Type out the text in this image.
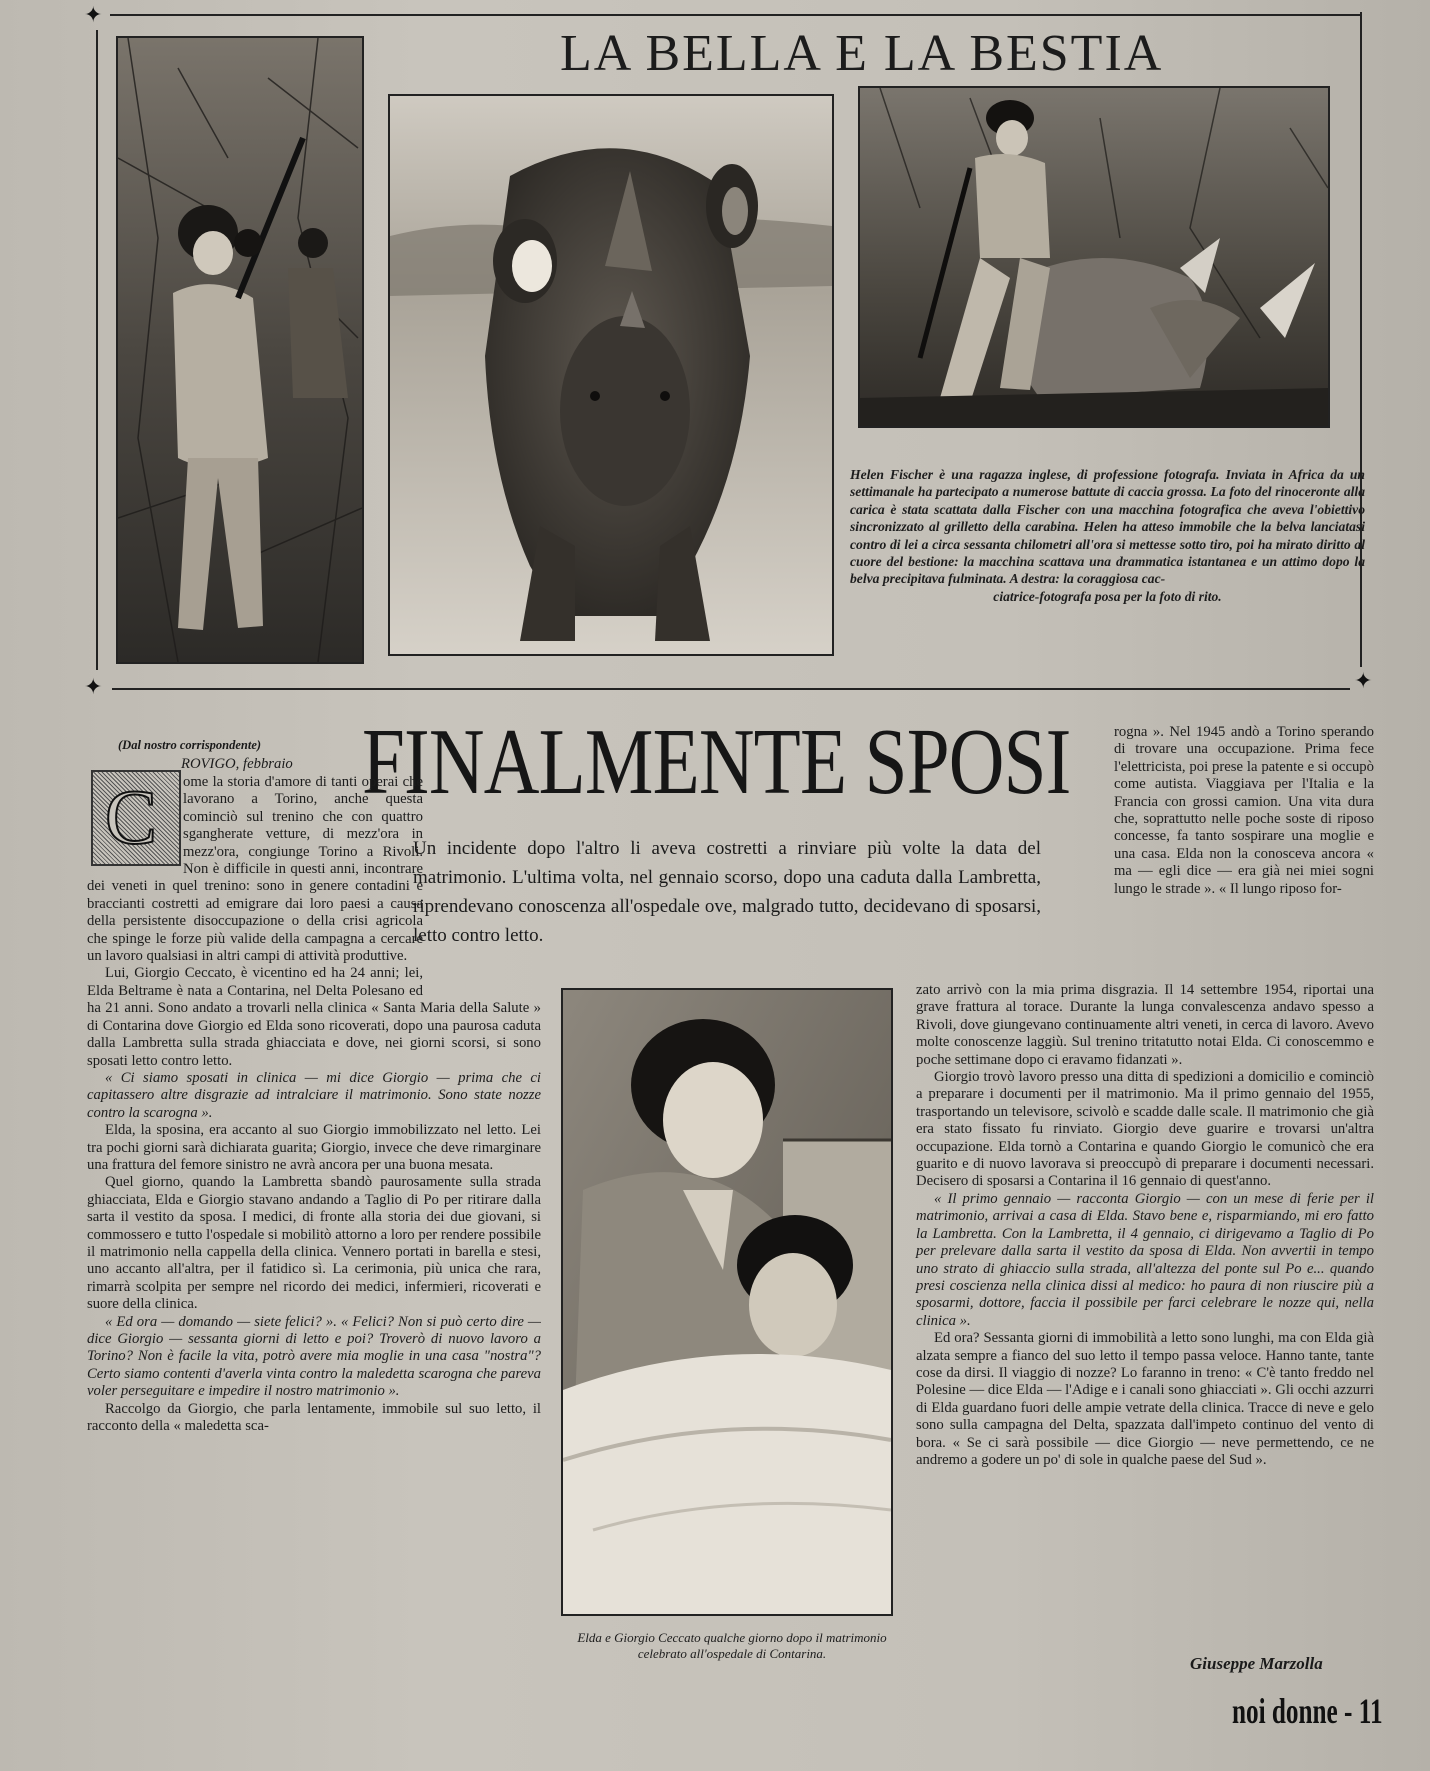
✦
✦	✦
LA BELLA E LA BESTIA
Helen Fischer è una ragazza inglese, di professione fotografa. Inviata in Africa da un settimanale ha partecipato a numerose battute di caccia grossa. La foto del rinoceronte alla carica è stata scattata dalla Fischer con una macchina fotografica che aveva l'obiettivo sincronizzato al grilletto della carabina. Helen ha atteso immobile che la belva lanciatasi contro di lei a circa sessanta chilometri all'ora si mettesse sotto tiro, poi ha mirato diritto al cuore del bestione: la macchina scattava una drammatica istantanea e un attimo dopo la belva precipitava fulminata. A destra: la coraggiosa cac-
ciatrice-fotografa posa per la foto di rito.
(Dal nostro corrispondente)
C
FINALMENTE SPOSI
Un incidente dopo l'altro li aveva costretti a rinviare più volte la data del matrimonio. L'ultima volta, nel gennaio scorso, dopo una caduta dalla Lambretta, riprendevano conoscenza all'ospedale ove, malgrado tutto, decidevano di sposarsi, letto contro letto.

ROVIGO, febbraio

ome la storia d'amore di tanti operai che lavorano a Torino, anche questa cominciò sul trenino che con quattro sgangherate vetture, di mezz'ora in mezz'ora, congiunge Torino a Rivoli. Non è difficile in questi anni, incontrare dei veneti in quel trenino: sono in genere contadini e braccianti costretti ad emigrare dai loro paesi a causa della persistente disoccupazione o della crisi agricola che spinge le forze più valide della campagna a cercare un lavoro qualsiasi in altri campi di attività produttive.

Lui, Giorgio Ceccato, è vicentino ed ha 24 anni; lei, Elda Beltrame è nata a Contarina, nel Delta Polesano ed ha 21 anni. Sono andato a trovarli nella clinica « Santa Maria della Salute » di Contarina dove Giorgio ed Elda sono ricoverati, dopo una paurosa caduta dalla Lambretta sulla strada ghiacciata e dove, nei giorni scorsi, si sono sposati letto contro letto.

« Ci siamo sposati in clinica — mi dice Giorgio — prima che ci capitassero altre disgrazie ad intralciare il matrimonio. Sono state nozze contro la scarogna ».

Elda, la sposina, era accanto al suo Giorgio immobilizzato nel letto. Lei tra pochi giorni sarà dichiarata guarita; Giorgio, invece che deve rimarginare una frattura del femore sinistro ne avrà ancora per una buona mesata.

Quel giorno, quando la Lambretta sbandò paurosamente sulla strada ghiacciata, Elda e Giorgio stavano andando a Taglio di Po per ritirare dalla sarta il vestito da sposa. I medici, di fronte alla storia dei due giovani, si commossero e tutto l'ospedale si mobilitò attorno a loro per rendere possibile il matrimonio nella cappella della clinica. Vennero portati in barella e stesi, uno accanto all'altra, per il fatidico sì. La cerimonia, più unica che rara, rimarrà scolpita per sempre nel ricordo dei medici, infermieri, ricoverati e suore della clinica.

« Ed ora — domando — siete felici? ». « Felici? Non si può certo dire — dice Giorgio — sessanta giorni di letto e poi? Troverò di nuovo lavoro a Torino? Non è facile la vita, potrò avere mia moglie in una casa "nostra"? Certo siamo contenti d'averla vinta contro la maledetta scarogna che pareva voler perseguitare e impedire il nostro matrimonio ».

Raccolgo da Giorgio, che parla lentamente, immobile sul suo letto, il racconto della « maledetta sca-

rogna ». Nel 1945 andò a Torino sperando di trovare una occupazione. Prima fece l'elettricista, poi prese la patente e si occupò come autista. Viaggiava per l'Italia e la Francia con grossi camion. Una vita dura che, soprattutto nelle poche soste di riposo concesse, fa tanto sospirare una moglie e una casa. Elda non la conosceva ancora « ma — egli dice — era già nei miei sogni lungo le strade ». « Il lungo riposo for-

zato arrivò con la mia prima disgrazia. Il 14 settembre 1954, riportai una grave frattura al torace. Durante la lunga convalescenza andavo spesso a Rivoli, dove giungevano continuamente altri veneti, in cerca di lavoro. Avevo molte conoscenze laggiù. Sul trenino tritatutto notai Elda. Ci conoscemmo e poche settimane dopo ci eravamo fidanzati ».

Giorgio trovò lavoro presso una ditta di spedizioni a domicilio e cominciò a preparare i documenti per il matrimonio. Ma il primo gennaio del 1955, trasportando un televisore, scivolò e scadde dalle scale. Il matrimonio che già era stato fissato fu rinviato. Giorgio deve guarire e trovarsi un'altra occupazione. Elda tornò a Contarina e quando Giorgio le comunicò che era guarito e di nuovo lavorava si preoccupò di preparare i documenti necessari. Decisero di sposarsi a Contarina il 16 gennaio di quest'anno.

« Il primo gennaio — racconta Giorgio — con un mese di ferie per il matrimonio, arrivai a casa di Elda. Stavo bene e, risparmiando, mi ero fatto la Lambretta. Con la Lambretta, il 4 gennaio, ci dirigevamo a Taglio di Po per prelevare dalla sarta il vestito da sposa di Elda. Non avvertii in tempo uno strato di ghiaccio sulla strada, all'altezza del ponte sul Po e... quando presi coscienza nella clinica dissi al medico: ho paura di non riuscire più a sposarmi, dottore, faccia il possibile per farci celebrare le nozze qui, nella clinica ».

Ed ora? Sessanta giorni di immobilità a letto sono lunghi, ma con Elda già alzata sempre a fianco del suo letto il tempo passa veloce. Hanno tante, tante cose da dirsi. Il viaggio di nozze? Lo faranno in treno: « C'è tanto freddo nel Polesine — dice Elda — l'Adige e i canali sono ghiacciati ». Gli occhi azzurri di Elda guardano fuori delle ampie vetrate della clinica. Tracce di neve e gelo sono sulla campagna del Delta, spazzata dall'impeto continuo del vento di bora. « Se ci sarà possibile — dice Giorgio — neve permettendo, ce ne andremo a godere un po' di sole in qualche paese del Sud ».

Elda e Giorgio Ceccato qualche giorno dopo il matrimonio celebrato all'ospedale di Contarina.
Giuseppe Marzolla
noi donne - 11
